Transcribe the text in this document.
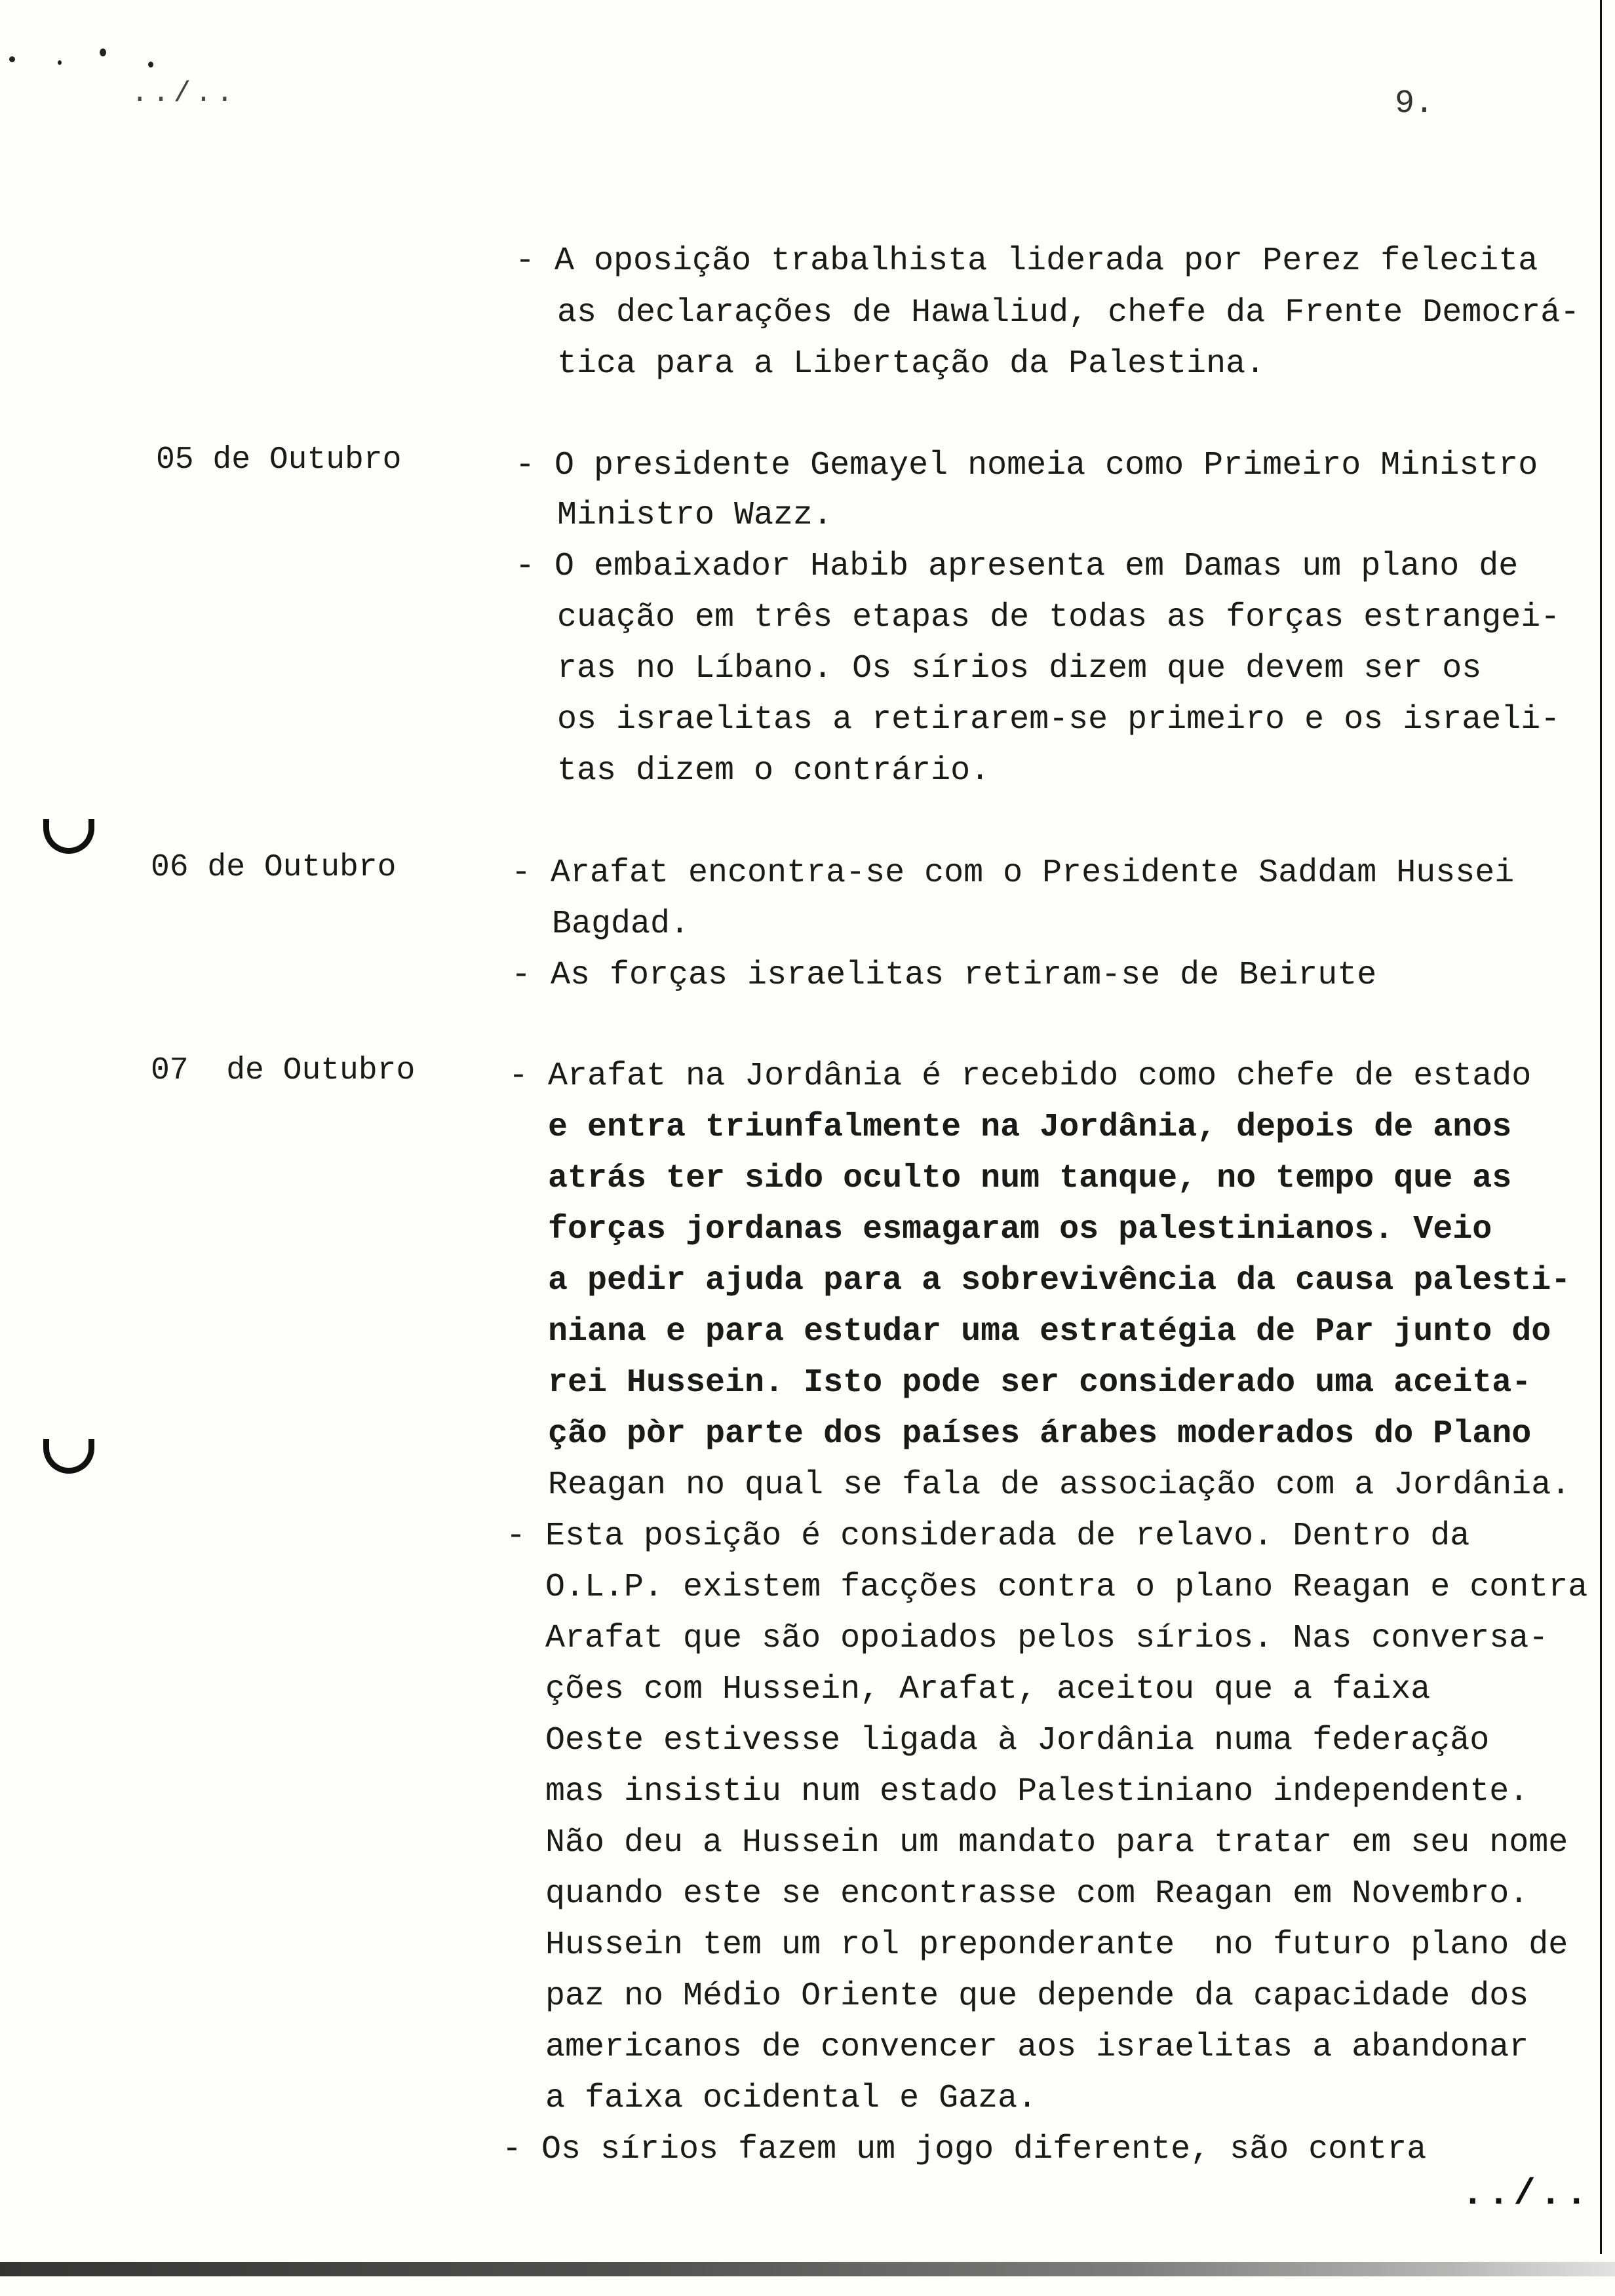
../..	9.
- A oposição trabalhista liderada por Perez felecita
as declarações de Hawaliud, chefe da Frente Democrá-
tica para a Libertação da Palestina.
05 de Outubro	- O presidente Gemayel nomeia como Primeiro Ministro
Ministro Wazz.
- O embaixador Habib apresenta em Damas um plano de
cuação em três etapas de todas as forças estrangei-
ras no Líbano. Os sírios dizem que devem ser os
os israelitas a retirarem-se primeiro e os israeli-
tas dizem o contrário.
06 de Outubro	- Arafat encontra-se com o Presidente Saddam Hussei
Bagdad.
- As forças israelitas retiram-se de Beirute
07  de Outubro	- Arafat na Jordânia é recebido como chefe de estado
e entra triunfalmente na Jordânia, depois de anos
atrás ter sido oculto num tanque, no tempo que as
forças jordanas esmagaram os palestinianos. Veio
a pedir ajuda para a sobrevivência da causa palesti-
niana e para estudar uma estratégia de Par junto do
rei Hussein. Isto pode ser considerado uma aceita-
ção pòr parte dos países árabes moderados do Plano
Reagan no qual se fala de associação com a Jordânia.
- Esta posição é considerada de relavo. Dentro da
O.L.P. existem facções contra o plano Reagan e contra
Arafat que são opoiados pelos sírios. Nas conversa-
ções com Hussein, Arafat, aceitou que a faixa
Oeste estivesse ligada à Jordânia numa federação
mas insistiu num estado Palestiniano independente.
Não deu a Hussein um mandato para tratar em seu nome
quando este se encontrasse com Reagan em Novembro.
Hussein tem um rol preponderante  no futuro plano de
paz no Médio Oriente que depende da capacidade dos
americanos de convencer aos israelitas a abandonar
a faixa ocidental e Gaza.
- Os sírios fazem um jogo diferente, são contra
../..
